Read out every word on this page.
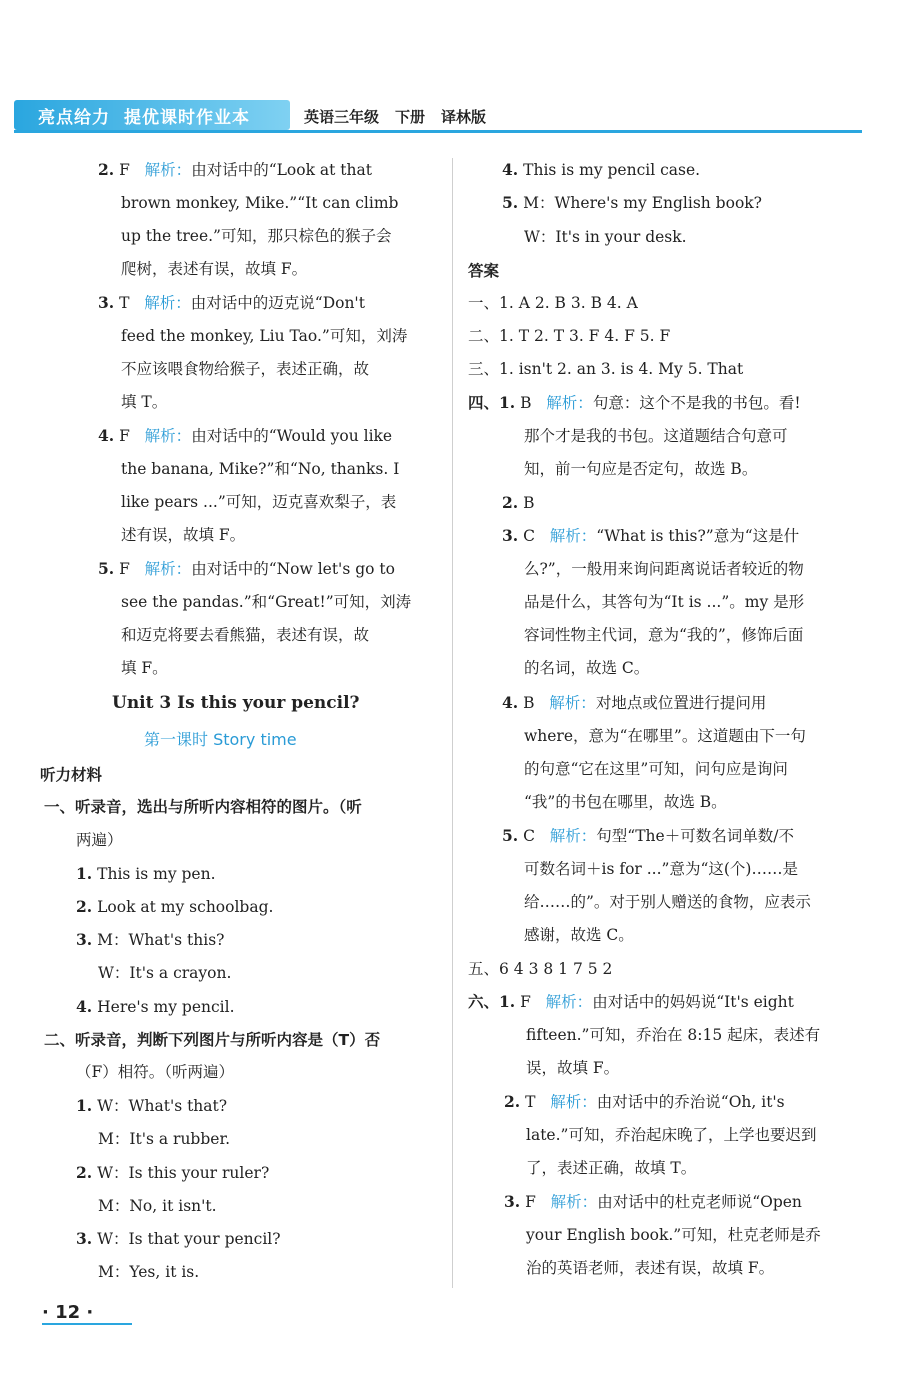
亮点给力 提优课时作业本	英语三年级 下册 译林版
2. F 解析：由对话中的“Look at that
brown monkey, Mike.”“It can climb
up the tree.”可知，那只棕色的猴子会
爬树，表述有误，故填 F。
3. T 解析：由对话中的迈克说“Don't
feed the monkey, Liu Tao.”可知，刘涛
不应该喂食物给猴子，表述正确，故
填 T。
4. F 解析：由对话中的“Would you like
the banana, Mike?”和“No, thanks. I
like pears ...”可知，迈克喜欢梨子，表
述有误，故填 F。
5. F 解析：由对话中的“Now let's go to
see the pandas.”和“Great!”可知，刘涛
和迈克将要去看熊猫，表述有误，故
填 F。
Unit 3 Is this your pencil?
第一课时 Story time
听力材料
一、听录音，选出与所听内容相符的图片。（听
两遍）
1. This is my pen.
2. Look at my schoolbag.
3. M：What's this?
W：It's a crayon.
4. Here's my pencil.
二、听录音，判断下列图片与所听内容是（T）否
（F）相符。（听两遍）
1. W：What's that?
M：It's a rubber.
2. W：Is this your ruler?
M：No, it isn't.
3. W：Is that your pencil?
M：Yes, it is.
4. This is my pencil case.
5. M：Where's my English book?
W：It's in your desk.
答案
一、1. A 2. B 3. B 4. A
二、1. T 2. T 3. F 4. F 5. F
三、1. isn't 2. an 3. is 4. My 5. That
四、1. B 解析：句意：这个不是我的书包。看!
那个才是我的书包。这道题结合句意可
知，前一句应是否定句，故选 B。
2. B
3. C 解析：“What is this?”意为“这是什
么?”，一般用来询问距离说话者较近的物
品是什么，其答句为“It is ...”。my 是形
容词性物主代词，意为“我的”，修饰后面
的名词，故选 C。
4. B 解析：对地点或位置进行提问用
where，意为“在哪里”。这道题由下一句
的句意“它在这里”可知，问句应是询问
“我”的书包在哪里，故选 B。
5. C 解析：句型“The＋可数名词单数/不
可数名词＋is for ...”意为“这(个)……是
给……的”。对于别人赠送的食物，应表示
感谢，故选 C。
五、6 4 3 8 1 7 5 2
六、1. F 解析：由对话中的妈妈说“It's eight
fifteen.”可知，乔治在 8:15 起床，表述有
误，故填 F。
2. T 解析：由对话中的乔治说“Oh, it's
late.”可知，乔治起床晚了，上学也要迟到
了，表述正确，故填 T。
3. F 解析：由对话中的杜克老师说“Open
your English book.”可知，杜克老师是乔
治的英语老师，表述有误，故填 F。
· 12 ·
